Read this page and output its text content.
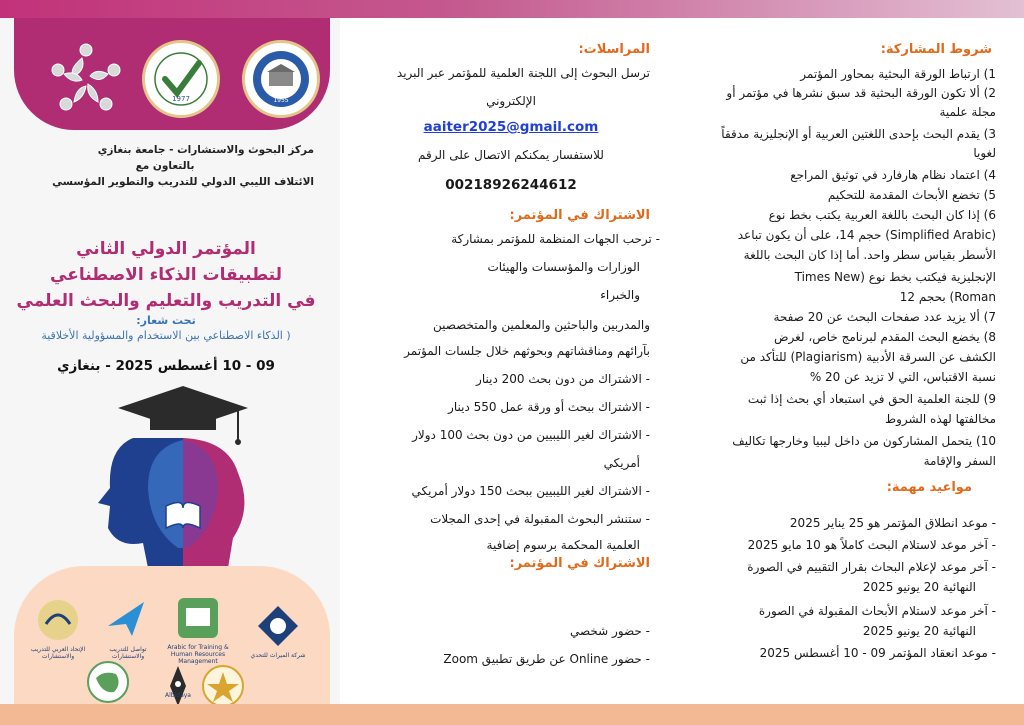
1977	1955
مركز البحوث والاستشارات - جامعة بنغازي
بالتعاون مع
الائتلاف الليبي الدولي للتدريب والتطوير المؤسسي
المؤتمر الدولي الثاني
لتطبيقات الذكاء الاصطناعي
في التدريب والتعليم والبحث العلمي
تحت شعار:
( الذكاء الاصطناعي بين الاستخدام والمسؤولية الأخلاقية
09 - 10 أغسطس 2025 - بنغازي
شركة الميراث للتحدي
Arabic for Training & Human Resources Management
تواصل للتدريب والاستشارات
الإتحاد العربي للتدريب والاستشارات
Albidaya
المراسلات:
ترسل البحوث إلى اللجنة العلمية للمؤتمر عبر البريد
الإلكتروني
aaiter2025@gmail.com
للاستفسار يمكنكم الاتصال على الرقم
00218926244612
الاشتراك في المؤتمر:
- ترحب الجهات المنظمة للمؤتمر بمشاركة
الوزارات والمؤسسات والهيئات
والخبراء
والمدربين والباحثين والمعلمين والمتخصصين
بآرائهم ومناقشاتهم وبحوثهم خلال جلسات المؤتمر
- الاشتراك من دون بحث 200 دينار
- الاشتراك ببحث أو ورقة عمل 550 دينار
- الاشتراك لغير الليبيين من دون بحث 100 دولار
أمريكي
- الاشتراك لغير الليبيين ببحث 150 دولار أمريكي
- ستنشر البحوث المقبولة في إحدى المجلات
العلمية المحكمة برسوم إضافية
الاشتراك في المؤتمر:
- حضور شخصي
- حضور Online عن طريق تطبيق Zoom
شروط المشاركة:
1) ارتباط الورقة البحثية بمحاور المؤتمر
2) ألا تكون الورقة البحثية قد سبق نشرها في مؤتمر أو
مجلة علمية
3) يقدم البحث بإحدى اللغتين العربية أو الإنجليزية مدققاً
لغويا
4) اعتماد نظام هارفارد في توثيق المراجع
5) تخضع الأبحاث المقدمة للتحكيم
6) إذا كان البحث باللغة العربية يكتب بخط نوع
(Simplified Arabic) حجم 14، على أن يكون تباعد
الأسطر بقياس سطر واحد. أما إذا كان البحث باللغة
الإنجليزية فيكتب بخط نوع (Times New
Roman) بحجم 12
7) ألا يزيد عدد صفحات البحث عن 20 صفحة
8) يخضع البحث المقدم لبرنامج خاص، لغرض
الكشف عن السرقة الأدبية (Plagiarism) للتأكد من
نسبة الاقتباس، التي لا تزيد عن 20 %
9) للجنة العلمية الحق في استبعاد أي بحث إذا ثبت
مخالفتها لهذه الشروط
10) يتحمل المشاركون من داخل ليبيا وخارجها تكاليف
السفر والإقامة
مواعيد مهمة:
- موعد انطلاق المؤتمر هو 25 يناير 2025
- آخر موعد لاستلام البحث كاملاً هو 10 مايو 2025
- آخر موعد لإعلام البحاث بقرار التقييم في الصورة
النهائية 20 يونيو 2025
- آخر موعد لاستلام الأبحاث المقبولة في الصورة
النهائية 20 يونيو 2025
- موعد انعقاد المؤتمر 09 - 10 أغسطس 2025
